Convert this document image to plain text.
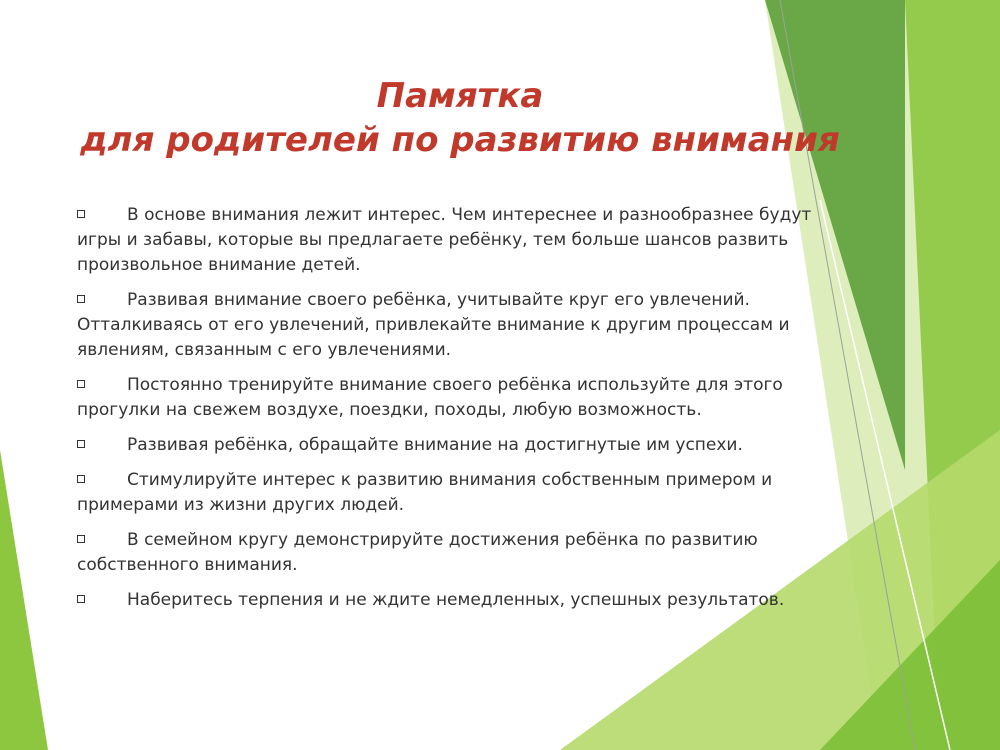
Памятка
для родителей по развитию внимания
В основе внимания лежит интерес. Чем интереснее и разнообразнее будут игры и забавы, которые вы предлагаете ребёнку, тем больше шансов развить произвольное внимание детей.
Развивая внимание своего ребёнка, учитывайте круг его увлечений. Отталкиваясь от его увлечений, привлекайте внимание к другим процессам и явлениям, связанным с его увлечениями.
Постоянно тренируйте внимание своего ребёнка используйте для этого прогулки на свежем воздухе, поездки, походы, любую возможность.
Развивая ребёнка, обращайте внимание на достигнутые им успехи.
Стимулируйте интерес к развитию внимания собственным примером и примерами из жизни других людей.
В семейном кругу демонстрируйте достижения ребёнка по развитию собственного внимания.
Наберитесь терпения и не ждите немедленных, успешных результатов.
